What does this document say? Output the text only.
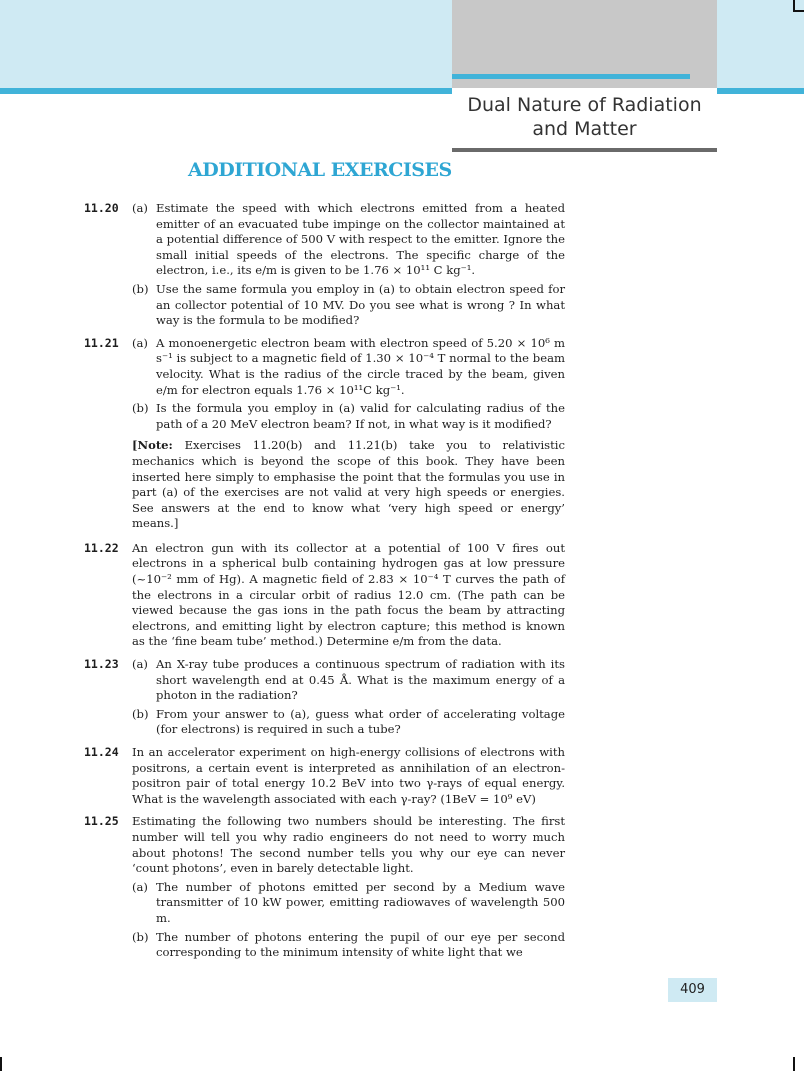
Dual Nature of Radiation
and Matter
ADDITIONAL EXERCISES
11.20	(a) Estimate the speed with which electrons emitted from a heated emitter of an evacuated tube impinge on the collector maintained at a potential difference of 500 V with respect to the emitter. Ignore the small initial speeds of the electrons. The specific charge of the electron, i.e., its e/m is given to be 1.76 × 10¹¹ C kg⁻¹.
(b) Use the same formula you employ in (a) to obtain electron speed for an collector potential of 10 MV. Do you see what is wrong ? In what way is the formula to be modified?
11.21	(a) A monoenergetic electron beam with electron speed of 5.20 × 10⁶ m s⁻¹ is subject to a magnetic field of 1.30 × 10⁻⁴ T normal to the beam velocity. What is the radius of the circle traced by the beam, given e/m for electron equals 1.76 × 10¹¹C kg⁻¹.
(b) Is the formula you employ in (a) valid for calculating radius of the path of a 20 MeV electron beam? If not, in what way is it modified?
[Note: Exercises 11.20(b) and 11.21(b) take you to relativistic mechanics which is beyond the scope of this book. They have been inserted here simply to emphasise the point that the formulas you use in part (a) of the exercises are not valid at very high speeds or energies. See answers at the end to know what ‘very high speed or energy’ means.]
11.22	An electron gun with its collector at a potential of 100 V fires out electrons in a spherical bulb containing hydrogen gas at low pressure (~10⁻² mm of Hg). A magnetic field of 2.83 × 10⁻⁴ T curves the path of the electrons in a circular orbit of radius 12.0 cm. (The path can be viewed because the gas ions in the path focus the beam by attracting electrons, and emitting light by electron capture; this method is known as the ‘fine beam tube’ method.) Determine e/m from the data.
11.23	(a) An X-ray tube produces a continuous spectrum of radiation with its short wavelength end at 0.45 Å. What is the maximum energy of a photon in the radiation?
(b) From your answer to (a), guess what order of accelerating voltage (for electrons) is required in such a tube?
11.24	In an accelerator experiment on high-energy collisions of electrons with positrons, a certain event is interpreted as annihilation of an electron-positron pair of total energy 10.2 BeV into two γ-rays of equal energy. What is the wavelength associated with each γ-ray? (1BeV = 10⁹ eV)
11.25	Estimating the following two numbers should be interesting. The first number will tell you why radio engineers do not need to worry much about photons! The second number tells you why our eye can never ‘count photons’, even in barely detectable light.
(a) The number of photons emitted per second by a Medium wave transmitter of 10 kW power, emitting radiowaves of wavelength 500 m.
(b) The number of photons entering the pupil of our eye per second corresponding to the minimum intensity of white light that we
409
